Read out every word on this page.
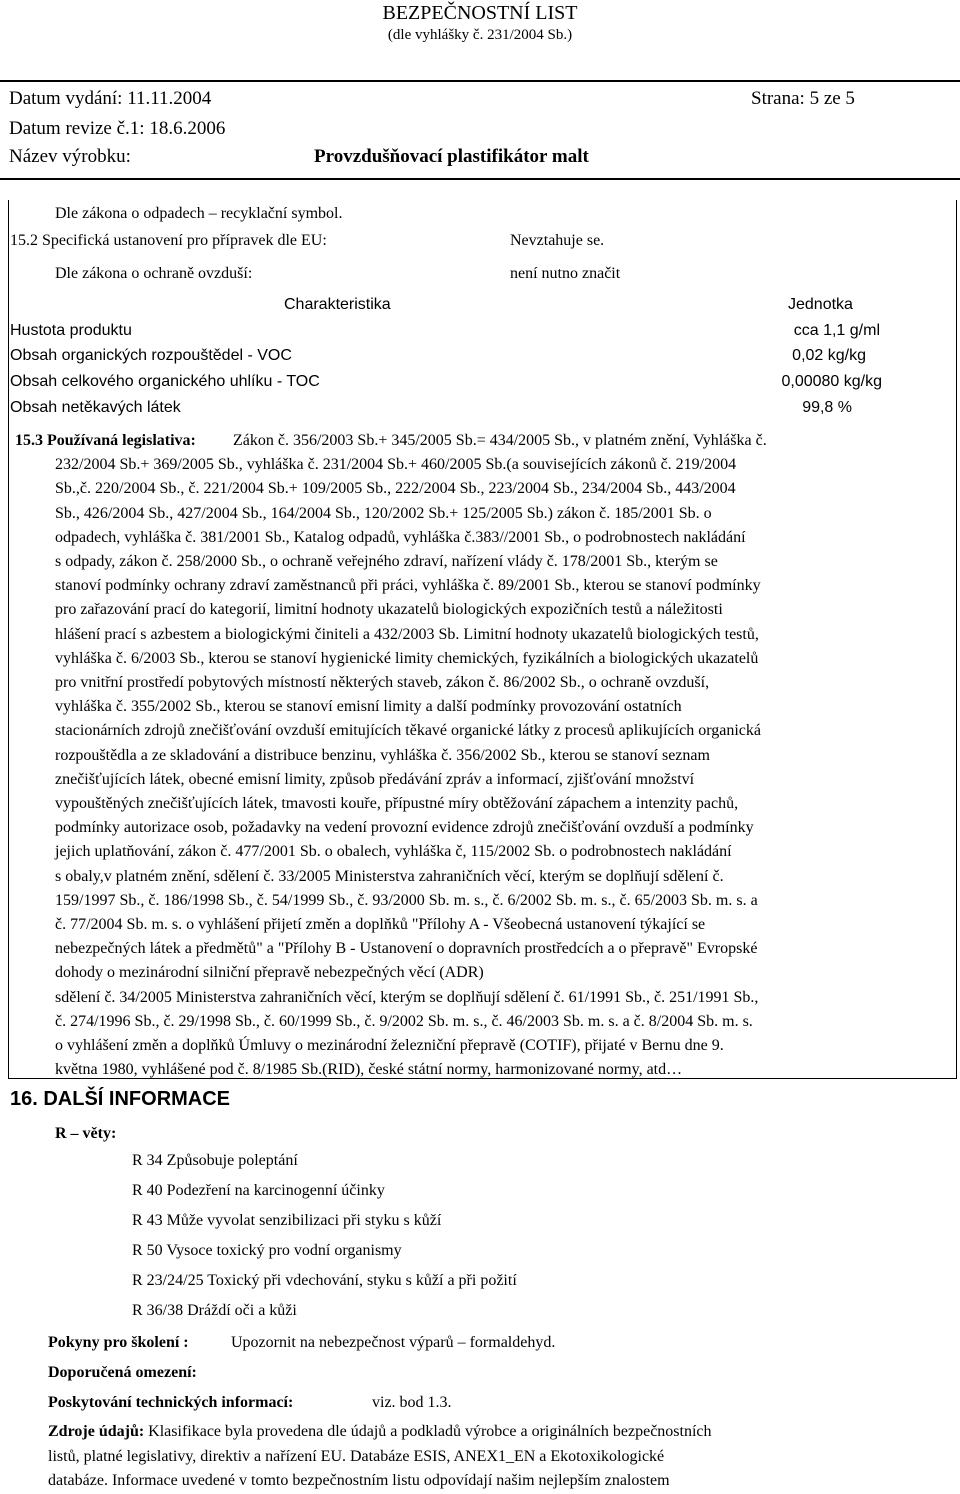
BEZPEČNOSTNÍ LIST
(dle vyhlášky č. 231/2004 Sb.)
Datum vydání: 11.11.2004	Strana: 5 ze 5
Datum revize č.1: 18.6.2006
Název výrobku:	Provzdušňovací plastifikátor malt
Dle zákona o odpadech – recyklační symbol.
15.2 Specifická ustanovení pro přípravek dle EU:	Nevztahuje se.
Dle zákona o ochraně ovzduší:	není nutno značit
Charakteristika	Jednotka
Hustota produktu	cca 1,1 g/ml
Obsah organických rozpouštědel - VOC	0,02 kg/kg
Obsah celkového organického uhlíku - TOC	0,00080 kg/kg
Obsah netěkavých látek	99,8 %
15.3 Používaná legislativa:	Zákon č. 356/2003 Sb.+ 345/2005 Sb.= 434/2005 Sb., v platném znění, Vyhláška č.
232/2004 Sb.+ 369/2005 Sb., vyhláška č. 231/2004 Sb.+ 460/2005 Sb.(a souvisejících zákonů č. 219/2004
Sb.,č. 220/2004 Sb., č. 221/2004 Sb.+ 109/2005 Sb., 222/2004 Sb., 223/2004 Sb., 234/2004 Sb., 443/2004
Sb., 426/2004 Sb., 427/2004 Sb., 164/2004 Sb., 120/2002 Sb.+ 125/2005 Sb.) zákon č. 185/2001 Sb. o
odpadech, vyhláška č. 381/2001 Sb., Katalog odpadů, vyhláška č.383//2001 Sb., o podrobnostech nakládání
s odpady, zákon č. 258/2000 Sb., o ochraně veřejného zdraví, nařízení vlády č. 178/2001 Sb., kterým se
stanoví podmínky ochrany zdraví zaměstnanců při práci, vyhláška č. 89/2001 Sb., kterou se stanoví podmínky
pro zařazování prací do kategorií, limitní hodnoty ukazatelů biologických expozičních testů a náležitosti
hlášení prací s azbestem a biologickými činiteli a 432/2003 Sb. Limitní hodnoty ukazatelů biologických testů,
vyhláška č. 6/2003 Sb., kterou se stanoví hygienické limity chemických, fyzikálních a biologických ukazatelů
pro vnitřní prostředí pobytových místností některých staveb, zákon č. 86/2002 Sb., o ochraně ovzduší,
vyhláška č. 355/2002 Sb., kterou se stanoví emisní limity a další podmínky provozování ostatních
stacionárních zdrojů znečišťování ovzduší emitujících těkavé organické látky z procesů aplikujících organická
rozpouštědla a ze skladování a distribuce benzinu, vyhláška č. 356/2002 Sb., kterou se stanoví seznam
znečišťujících látek, obecné emisní limity, způsob předávání zpráv a informací, zjišťování množství
vypouštěných znečišťujících látek, tmavosti kouře, přípustné míry obtěžování zápachem a intenzity pachů,
podmínky autorizace osob, požadavky na vedení provozní evidence zdrojů znečišťování ovzduší a podmínky
jejich uplatňování, zákon č. 477/2001 Sb. o obalech, vyhláška č, 115/2002 Sb. o podrobnostech nakládání
s obaly,v platném znění, sdělení č. 33/2005 Ministerstva zahraničních věcí, kterým se doplňují sdělení č.
159/1997 Sb., č. 186/1998 Sb., č. 54/1999 Sb., č. 93/2000 Sb. m. s., č. 6/2002 Sb. m. s., č. 65/2003 Sb. m. s. a
č. 77/2004 Sb. m. s. o vyhlášení přijetí změn a doplňků "Přílohy A - Všeobecná ustanovení týkající se
nebezpečných látek a předmětů" a "Přílohy B - Ustanovení o dopravních prostředcích a o přepravě" Evropské
dohody o mezinárodní silniční přepravě nebezpečných věcí (ADR)
sdělení č. 34/2005 Ministerstva zahraničních věcí, kterým se doplňují sdělení č. 61/1991 Sb., č. 251/1991 Sb.,
č. 274/1996 Sb., č. 29/1998 Sb., č. 60/1999 Sb., č. 9/2002 Sb. m. s., č. 46/2003 Sb. m. s. a č. 8/2004 Sb. m. s.
o vyhlášení změn a doplňků Úmluvy o mezinárodní železniční přepravě (COTIF), přijaté v Bernu dne 9.
května 1980, vyhlášené pod č. 8/1985 Sb.(RID), české státní normy, harmonizované normy, atd…
16. DALŠÍ INFORMACE
R – věty:
R 34 Způsobuje poleptání
R 40 Podezření na karcinogenní účinky
R 43 Může vyvolat senzibilizaci při styku s kůží
R 50 Vysoce toxický pro vodní organismy
R 23/24/25 Toxický při vdechování, styku s kůží a při požití
R 36/38 Dráždí oči a kůži
Pokyny pro školení :	Upozornit na nebezpečnost výparů – formaldehyd.
Doporučená omezení:
Poskytování technických informací:	viz. bod 1.3.
Zdroje údajů: Klasifikace byla provedena dle údajů a podkladů výrobce a originálních bezpečnostních
listů, platné legislativy, direktiv a nařízení EU. Databáze ESIS, ANEX1_EN a Ekotoxikologické
databáze. Informace uvedené v tomto bezpečnostním listu odpovídají našim nejlepším znalostem
